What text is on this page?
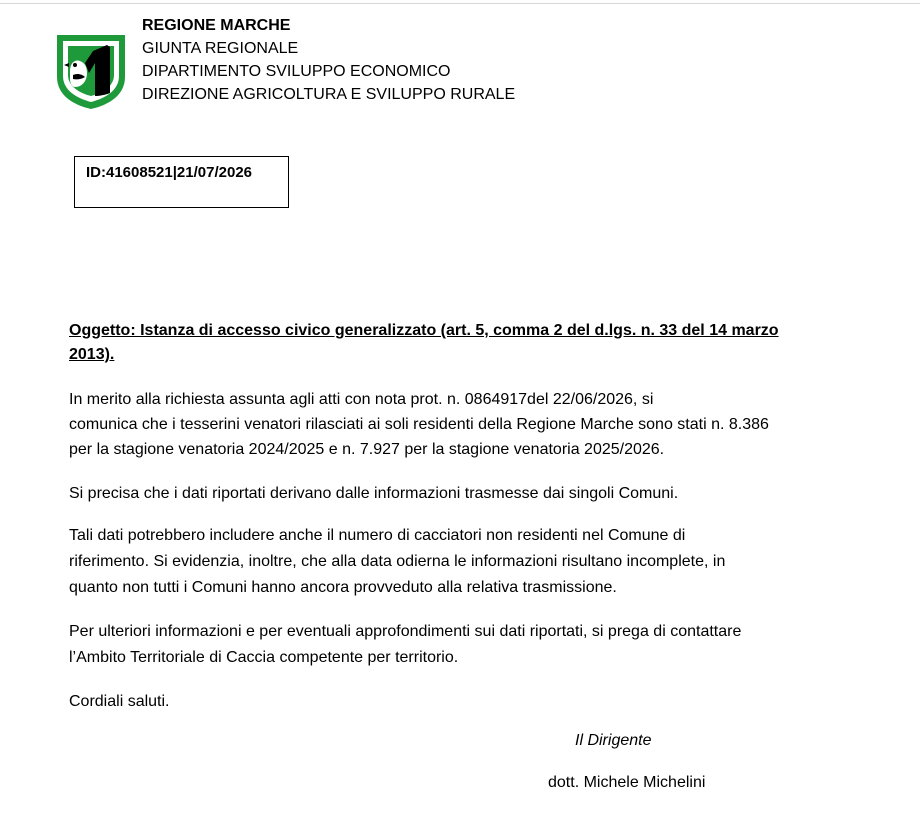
REGIONE MARCHE
GIUNTA REGIONALE
DIPARTIMENTO SVILUPPO ECONOMICO
DIREZIONE AGRICOLTURA E SVILUPPO RURALE
ID:41608521|21/07/2026
Oggetto: Istanza di accesso civico generalizzato (art. 5, comma 2 del d.lgs. n. 33 del 14 marzo
2013).
In merito alla richiesta assunta agli atti con nota prot. n. 0864917del 22/06/2026, si
comunica che i tesserini venatori rilasciati ai soli residenti della Regione Marche sono stati n. 8.386
per la stagione venatoria 2024/2025 e n. 7.927 per la stagione venatoria 2025/2026.
Si precisa che i dati riportati derivano dalle informazioni trasmesse dai singoli Comuni.
Tali dati potrebbero includere anche il numero di cacciatori non residenti nel Comune di
riferimento. Si evidenzia, inoltre, che alla data odierna le informazioni risultano incomplete, in
quanto non tutti i Comuni hanno ancora provveduto alla relativa trasmissione.
Per ulteriori informazioni e per eventuali approfondimenti sui dati riportati, si prega di contattare
l’Ambito Territoriale di Caccia competente per territorio.
Cordiali saluti.
Il Dirigente
dott. Michele Michelini
